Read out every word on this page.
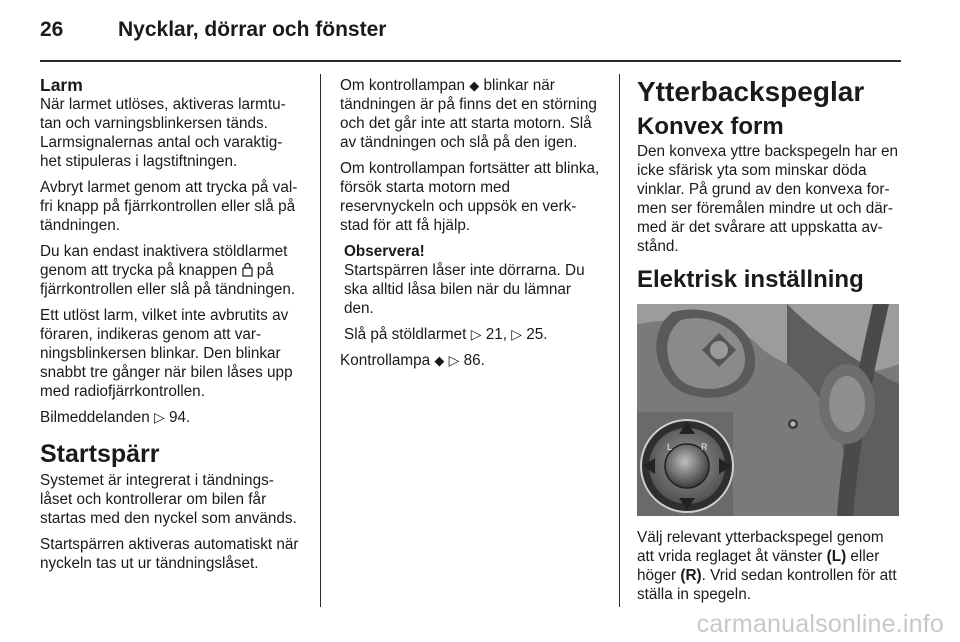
26	Nycklar, dörrar och fönster
Larm

När larmet utlöses, aktiveras larmtu- tan och varningsblinkersen tänds. Larmsignalernas antal och varaktig- het stipuleras i lagstiftningen.

Avbryt larmet genom att trycka på val- fri knapp på fjärrkontrollen eller slå på tändningen.

Du kan endast inaktivera stöldlarmet genom att trycka på knappen på fjärrkontrollen eller slå på tändningen.

Ett utlöst larm, vilket inte avbrutits av föraren, indikeras genom att var- ningsblinkersen blinkar. Den blinkar snabbt tre gånger när bilen låses upp med radiofjärrkontrollen.

Bilmeddelanden ▷ 94.

Startspärr

Systemet är integrerat i tändnings- låset och kontrollerar om bilen får startas med den nyckel som används.

Startspärren aktiveras automatiskt när nyckeln tas ut ur tändningslåset.

Om kontrollampan ◆ blinkar när tändningen är på finns det en störning och det går inte att starta motorn. Slå av tändningen och slå på den igen.

Om kontrollampan fortsätter att blinka, försök starta motorn med reservnyckeln och uppsök en verk- stad för att få hjälp.

Observera!

Startspärren låser inte dörrarna. Du ska alltid låsa bilen när du lämnar den.

Slå på stöldlarmet ▷ 21, ▷ 25.

Kontrollampa ◆ ▷ 86.

Ytterbackspeglar
Konvex form

Den konvexa yttre backspegeln har en icke sfärisk yta som minskar döda vinklar. På grund av den konvexa for- men ser föremålen mindre ut och där- med är det svårare att uppskatta av- stånd.

Elektrisk inställning
L	R

Välj relevant ytterbackspegel genom att vrida reglaget åt vänster (L) eller höger (R). Vrid sedan kontrollen för att ställa in spegeln.

carmanualsonline.info
